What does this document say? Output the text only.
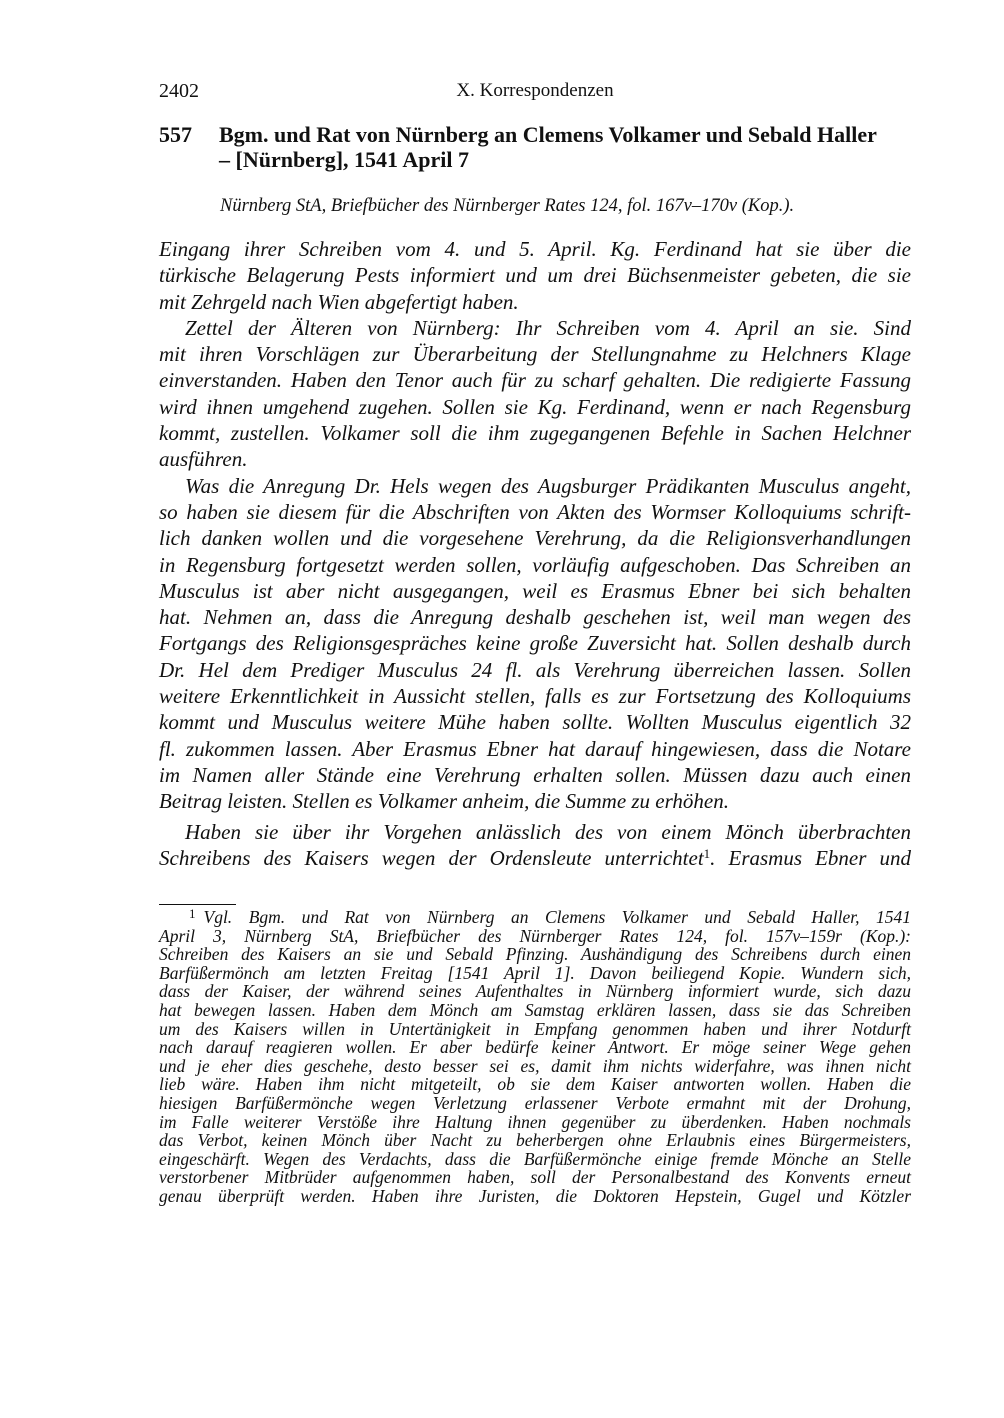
2402	X. Korrespondenzen
557 Bgm. und Rat von Nürnberg an Clemens Volkamer und Sebald Haller
– [Nürnberg], 1541 April 7
Nürnberg StA, Briefbücher des Nürnberger Rates 124, fol. 167v–170v (Kop.).
Eingang ihrer Schreiben vom 4. und 5. April. Kg. Ferdinand hat sie über die
türkische Belagerung Pests informiert und um drei Büchsenmeister gebeten, die sie
mit Zehrgeld nach Wien abgefertigt haben.
Zettel der Älteren von Nürnberg: Ihr Schreiben vom 4. April an sie. Sind
mit ihren Vorschlägen zur Überarbeitung der Stellungnahme zu Helchners Klage
einverstanden. Haben den Tenor auch für zu scharf gehalten. Die redigierte Fassung
wird ihnen umgehend zugehen. Sollen sie Kg. Ferdinand, wenn er nach Regensburg
kommt, zustellen. Volkamer soll die ihm zugegangenen Befehle in Sachen Helchner
ausführen.
Was die Anregung Dr. Hels wegen des Augsburger Prädikanten Musculus angeht,
so haben sie diesem für die Abschriften von Akten des Wormser Kolloquiums schrift-
lich danken wollen und die vorgesehene Verehrung, da die Religionsverhandlungen
in Regensburg fortgesetzt werden sollen, vorläufig aufgeschoben. Das Schreiben an
Musculus ist aber nicht ausgegangen, weil es Erasmus Ebner bei sich behalten
hat. Nehmen an, dass die Anregung deshalb geschehen ist, weil man wegen des
Fortgangs des Religionsgespräches keine große Zuversicht hat. Sollen deshalb durch
Dr. Hel dem Prediger Musculus 24 fl. als Verehrung überreichen lassen. Sollen
weitere Erkenntlichkeit in Aussicht stellen, falls es zur Fortsetzung des Kolloquiums
kommt und Musculus weitere Mühe haben sollte. Wollten Musculus eigentlich 32
fl. zukommen lassen. Aber Erasmus Ebner hat darauf hingewiesen, dass die Notare
im Namen aller Stände eine Verehrung erhalten sollen. Müssen dazu auch einen
Beitrag leisten. Stellen es Volkamer anheim, die Summe zu erhöhen.
Haben sie über ihr Vorgehen anlässlich des von einem Mönch überbrachten
Schreibens des Kaisers wegen der Ordensleute unterrichtet$^1$. Erasmus Ebner und
$^1$ Vgl. Bgm. und Rat von Nürnberg an Clemens Volkamer und Sebald Haller, 1541
April 3, Nürnberg StA, Briefbücher des Nürnberger Rates 124, fol. 157v–159r (Kop.):
Schreiben des Kaisers an sie und Sebald Pfinzing. Aushändigung des Schreibens durch einen
Barfüßermönch am letzten Freitag [1541 April 1]. Davon beiliegend Kopie. Wundern sich,
dass der Kaiser, der während seines Aufenthaltes in Nürnberg informiert wurde, sich dazu
hat bewegen lassen. Haben dem Mönch am Samstag erklären lassen, dass sie das Schreiben
um des Kaisers willen in Untertänigkeit in Empfang genommen haben und ihrer Notdurft
nach darauf reagieren wollen. Er aber bedürfe keiner Antwort. Er möge seiner Wege gehen
und je eher dies geschehe, desto besser sei es, damit ihm nichts widerfahre, was ihnen nicht
lieb wäre. Haben ihm nicht mitgeteilt, ob sie dem Kaiser antworten wollen. Haben die
hiesigen Barfüßermönche wegen Verletzung erlassener Verbote ermahnt mit der Drohung,
im Falle weiterer Verstöße ihre Haltung ihnen gegenüber zu überdenken. Haben nochmals
das Verbot, keinen Mönch über Nacht zu beherbergen ohne Erlaubnis eines Bürgermeisters,
eingeschärft. Wegen des Verdachts, dass die Barfüßermönche einige fremde Mönche an Stelle
verstorbener Mitbrüder aufgenommen haben, soll der Personalbestand des Konvents erneut
genau überprüft werden. Haben ihre Juristen, die Doktoren Hepstein, Gugel und Kötzler
